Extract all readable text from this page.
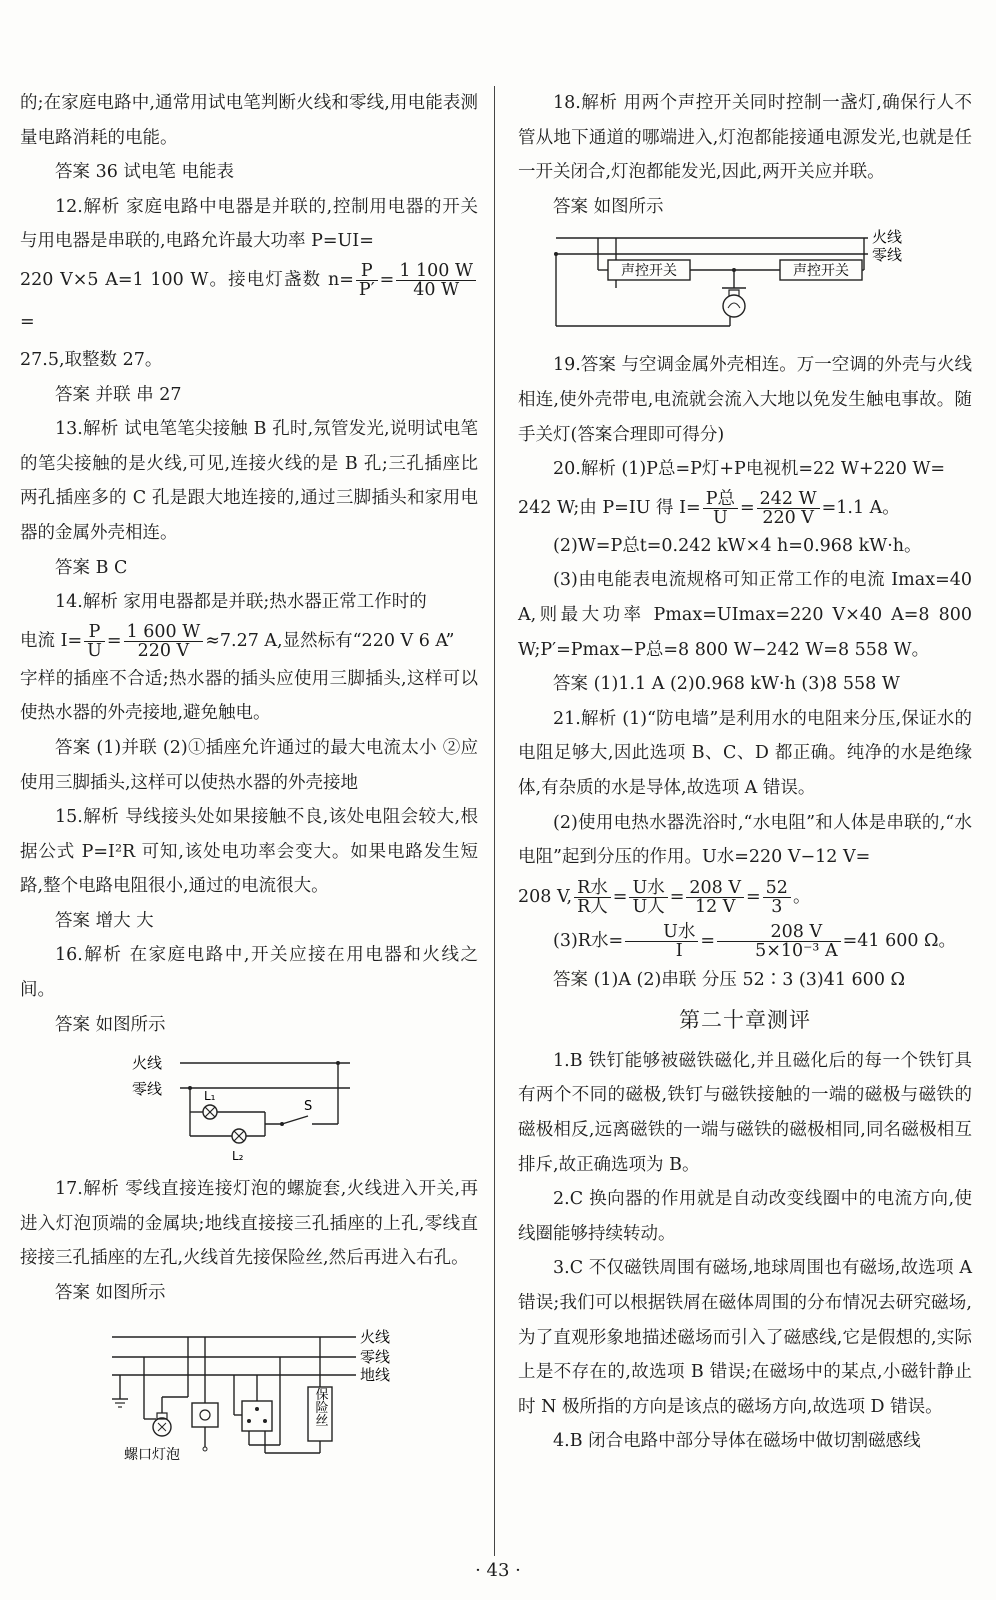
的;在家庭电路中,通常用试电笔判断火线和零线,用电能表测量电路消耗的电能。

答案 36 试电笔 电能表

12.解析 家庭电路中电器是并联的,控制用电器的开关与用电器是串联的,电路允许最大功率 P=UI=

220 V×5 A=1 100 W。接电灯盏数 $n= \frac{P}{P'} = \frac{1 100 W}{40 W}$
=

27.5,取整数 27。

答案 并联 串 27

13.解析 试电笔笔尖接触 B 孔时,氖管发光,说明试电笔的笔尖接触的是火线,可见,连接火线的是 B 孔;三孔插座比两孔插座多的 C 孔是跟大地连接的,通过三脚插头和家用电器的金属外壳相连。

答案 B C

14.解析 家用电器都是并联;热水器正常工作时的

电流 $I= \frac{P}{U} = \frac{1 600 W}{220 V} \approx 7.27$ A,显然标有“220 V 6 A”

字样的插座不合适;热水器的插头应使用三脚插头,这样可以使热水器的外壳接地,避免触电。

答案 (1)并联 (2)①插座允许通过的最大电流太小 ②应使用三脚插头,这样可以使热水器的外壳接地

15.解析 导线接头处如果接触不良,该处电阻会较大,根据公式 P=I²R 可知,该处电功率会变大。如果电路发生短路,整个电路电阻很小,通过的电流很大。

答案 增大 大

16.解析 在家庭电路中,开关应接在用电器和火线之间。

答案 如图所示

火线
零线	L₁
L₂
S

17.解析 零线直接连接灯泡的螺旋套,火线进入开关,再进入灯泡顶端的金属块;地线直接接三孔插座的上孔,零线直接接三孔插座的左孔,火线首先接保险丝,然后再进入右孔。

答案 如图所示

火线
零线
地线
螺口灯泡
保险丝

18.解析 用两个声控开关同时控制一盏灯,确保行人不管从地下通道的哪端进入,灯泡都能接通电源发光,也就是任一开关闭合,灯泡都能发光,因此,两开关应并联。

答案 如图所示

火线
零线
声控开关	声控开关

19.答案 与空调金属外壳相连。万一空调的外壳与火线相连,使外壳带电,电流就会流入大地以免发生触电事故。随手关灯(答案合理即可得分)

20.解析 (1)P总=P灯+P电视机=22 W+220 W=

242 W;由 P=IU 得 $I= \frac{\text{P总}}{U} = \frac{242 W}{220 V} =1.1$ A。

(2)W=P总t=0.242 kW×4 h=0.968 kW·h。

(3)由电能表电流规格可知正常工作的电流 Imax=40 A,则最大功率 Pmax=UImax=220 V×40 A=8 800 W;P′=Pmax−P总=8 800 W−242 W=8 558 W。

答案 (1)1.1 A (2)0.968 kW·h (3)8 558 W

21.解析 (1)“防电墙”是利用水的电阻来分压,保证水的电阻足够大,因此选项 B、C、D 都正确。纯净的水是绝缘体,有杂质的水是导体,故选项 A 错误。

(2)使用电热水器洗浴时,“水电阻”和人体是串联的,“水电阻”起到分压的作用。U水=220 V−12 V=

208 V, $\frac{\text{R水}}{\text{R人}} = \frac{\text{U水}}{\text{U人}} = \frac{208 V}{12 V} = \frac{52}{3}$ 。

(3)R水= $\frac{\text{U水}}{I} = \frac{208 V}{\text{5×10⁻³ A}} =41$ 600 Ω。

答案 (1)A (2)串联 分压 52∶3 (3)41 600 Ω

第二十章测评

1.B 铁钉能够被磁铁磁化,并且磁化后的每一个铁钉具有两个不同的磁极,铁钉与磁铁接触的一端的磁极与磁铁的磁极相反,远离磁铁的一端与磁铁的磁极相同,同名磁极相互排斥,故正确选项为 B。

2.C 换向器的作用就是自动改变线圈中的电流方向,使线圈能够持续转动。

3.C 不仅磁铁周围有磁场,地球周围也有磁场,故选项 A 错误;我们可以根据铁屑在磁体周围的分布情况去研究磁场,为了直观形象地描述磁场而引入了磁感线,它是假想的,实际上是不存在的,故选项 B 错误;在磁场中的某点,小磁针静止时 N 极所指的方向是该点的磁场方向,故选项 D 错误。

4.B 闭合电路中部分导体在磁场中做切割磁感线

· 43 ·
